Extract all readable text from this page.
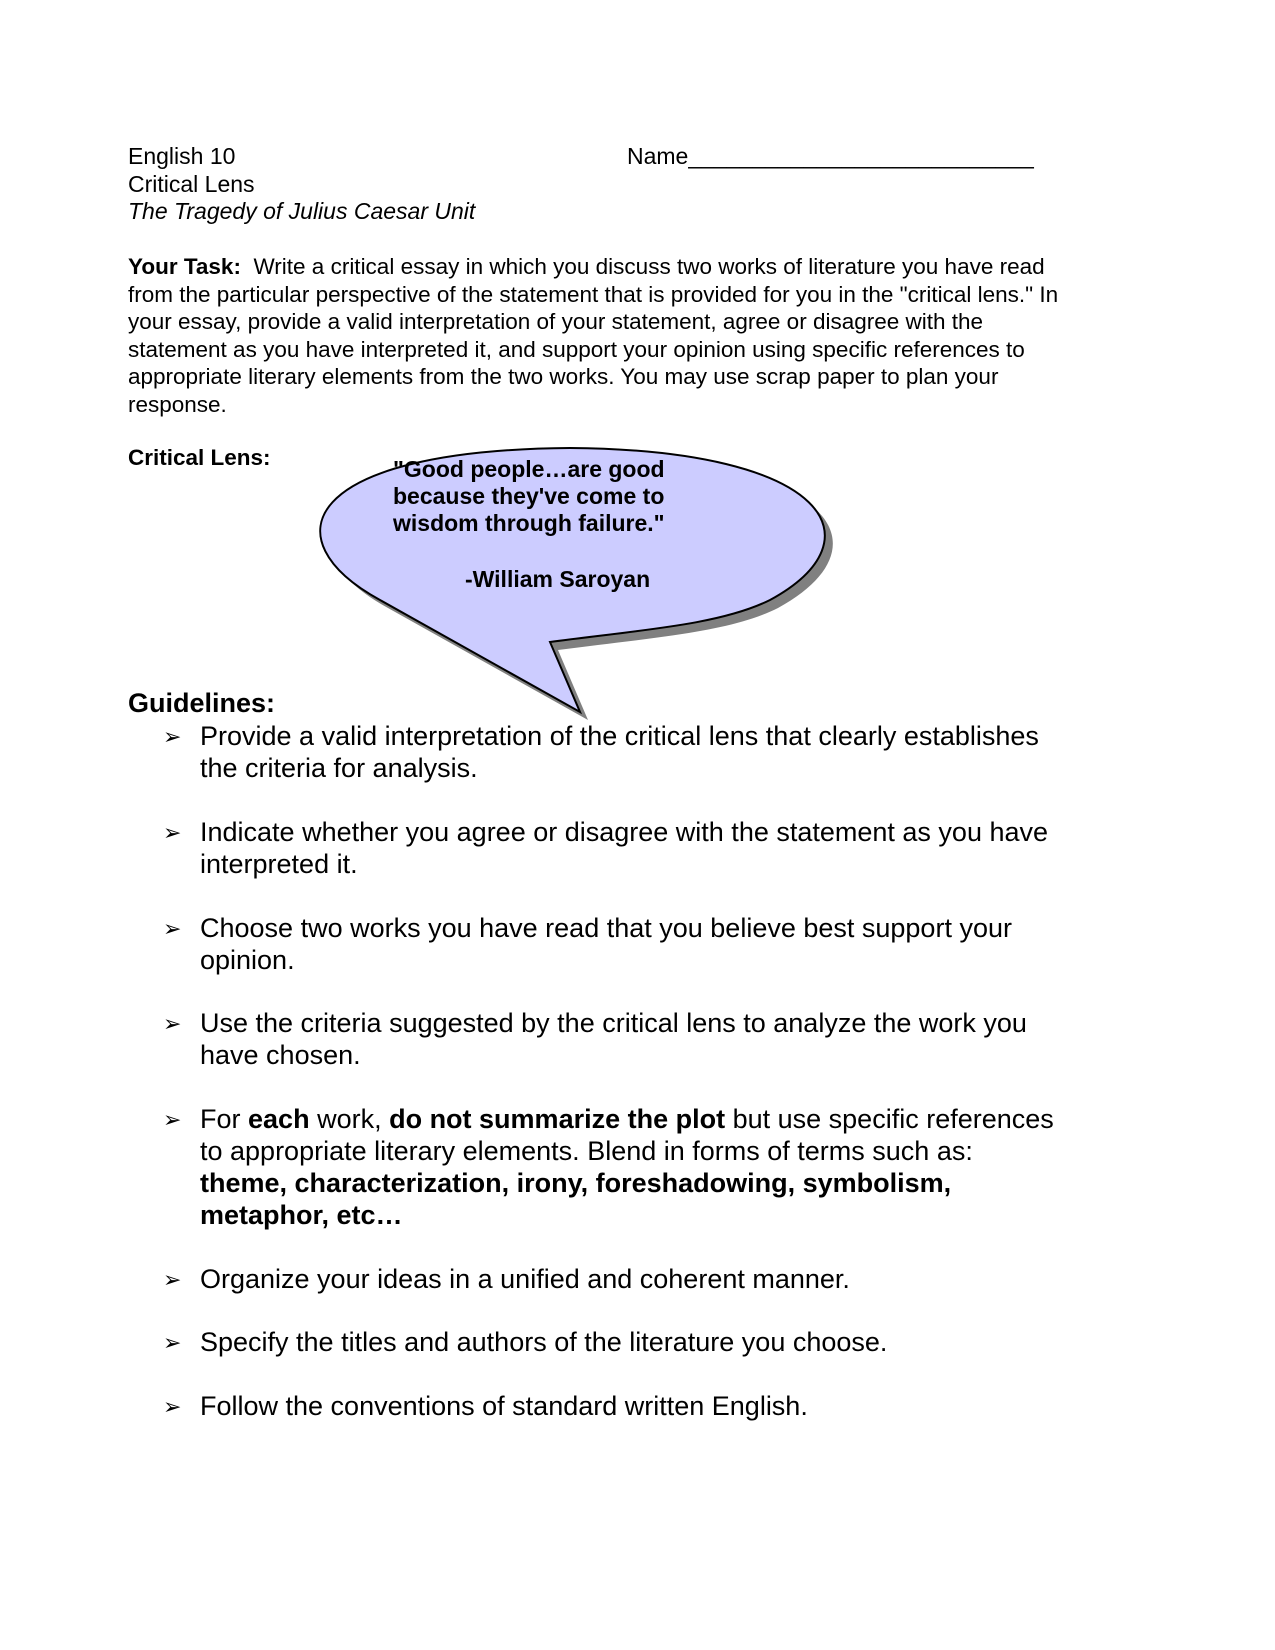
English 10	Name___________________________
Critical Lens
The Tragedy of Julius Caesar Unit
Your Task: Write a critical essay in which you discuss two works of literature you have read from the particular perspective of the statement that is provided for you in the "critical lens." In your essay, provide a valid interpretation of your statement, agree or disagree with the statement as you have interpreted it, and support your opinion using specific references to appropriate literary elements from the two works. You may use scrap paper to plan your response.
Critical Lens:	"Good people…are good
because they've come to
wisdom through failure."
-William Saroyan
Guidelines:
➢ Provide a valid interpretation of the critical lens that clearly establishes
the criteria for analysis.
➢ Indicate whether you agree or disagree with the statement as you have
interpreted it.
➢ Choose two works you have read that you believe best support your
opinion.
➢ Use the criteria suggested by the critical lens to analyze the work you
have chosen.
➢ For each work, do not summarize the plot but use specific references
to appropriate literary elements. Blend in forms of terms such as:
theme, characterization, irony, foreshadowing, symbolism,
metaphor, etc…
➢ Organize your ideas in a unified and coherent manner.
➢ Specify the titles and authors of the literature you choose.
➢ Follow the conventions of standard written English.
